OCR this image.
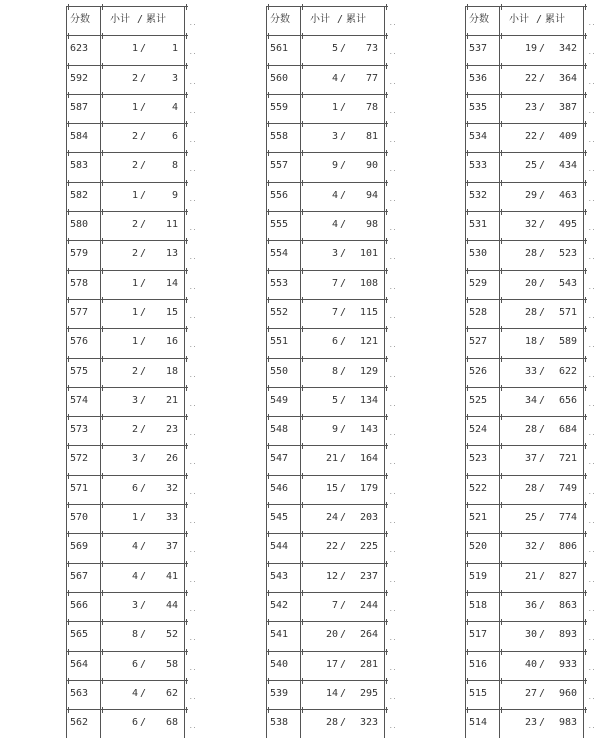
分数 小计 / 累计	..
623	1 /	1 ..
592	2 /	3 ..
587	1 /	4 ..
584	2 /	6 ..
583	2 /	8 ..
582	1 /	9 ..
580	2 / 11 ..
579	2 / 13 ..
578	1 / 14 ..
577	1 / 15 ..
576	1 / 16 ..
575	2 / 18 ..
574	3 / 21 ..
573	2 / 23 ..
572	3 / 26 ..
571	6 / 32 ..
570	1 / 33 ..
569	4 / 37 ..
567	4 / 41 ..
566	3 / 44 ..
565	8 / 52 ..
564	6 / 58 ..
563	4 / 62 ..
562	6 / 68 ..
分数 小计 / 累计	..
561	5 / 73 ..
560	4 / 77 ..
559	1 / 78 ..
558	3 / 81 ..
557	9 / 90 ..
556	4 / 94 ..
555	4 / 98 ..
554	3 / 101 ..
553	7 / 108 ..
552	7 / 115 ..
551	6 / 121 ..
550	8 / 129 ..
549	5 / 134 ..
548	9 / 143 ..
547	21 / 164 ..
546	15 / 179 ..
545	24 / 203 ..
544	22 / 225 ..
543	12 / 237 ..
542	7 / 244 ..
541	20 / 264 ..
540	17 / 281 ..
539	14 / 295 ..
538	28 / 323 ..
分数 小计 / 累计	..
537	19 / 342 ..
536	22 / 364 ..
535	23 / 387 ..
534	22 / 409 ..
533	25 / 434 ..
532	29 / 463 ..
531	32 / 495 ..
530	28 / 523 ..
529	20 / 543 ..
528	28 / 571 ..
527	18 / 589 ..
526	33 / 622 ..
525	34 / 656 ..
524	28 / 684 ..
523	37 / 721 ..
522	28 / 749 ..
521	25 / 774 ..
520	32 / 806 ..
519	21 / 827 ..
518	36 / 863 ..
517	30 / 893 ..
516	40 / 933 ..
515	27 / 960 ..
514	23 / 983 ..
